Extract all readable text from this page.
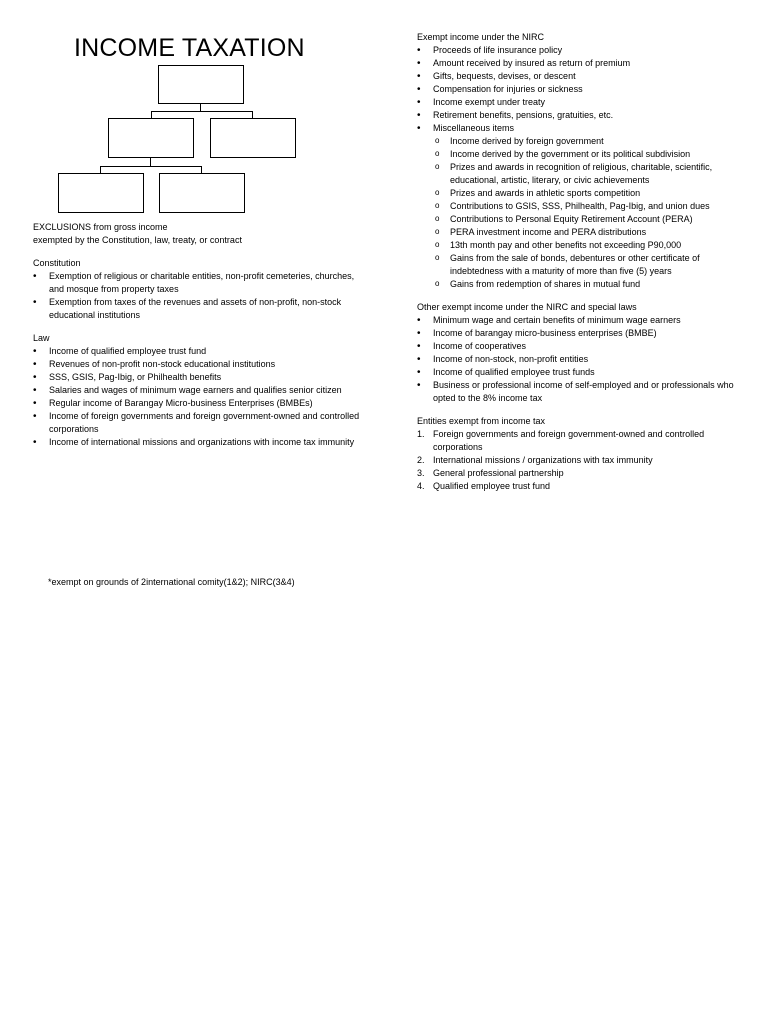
INCOME TAXATION

EXCLUSIONS from gross income

exempted by the Constitution, law, treaty, or contract

Constitution

• Exemption of religious or charitable entities, non-profit cemeteries, churches, and mosque from property taxes
• Exemption from taxes of the revenues and assets of non-profit, non-stock educational institutions

Law

• Income of qualified employee trust fund
• Revenues of non-profit non-stock educational institutions
• SSS, GSIS, Pag-Ibig, or Philhealth benefits
• Salaries and wages of minimum wage earners and qualifies senior citizen
• Regular income of Barangay Micro-business Enterprises (BMBEs)
• Income of foreign governments and foreign government-owned and controlled corporations
• Income of international missions and organizations with income tax immunity
*exempt on grounds of 2international comity(1&2); NIRC(3&4)

Exempt income under the NIRC

• Proceeds of life insurance policy
• Amount received by insured as return of premium
• Gifts, bequests, devises, or descent
• Compensation for injuries or sickness
• Income exempt under treaty
• Retirement benefits, pensions, gratuities, etc.
• Miscellaneous items
o Income derived by foreign government
o Income derived by the government or its political subdivision
o Prizes and awards in recognition of religious, charitable, scientific, educational, artistic, literary, or civic achievements
o Prizes and awards in athletic sports competition
o Contributions to GSIS, SSS, Philhealth, Pag-Ibig, and union dues
o Contributions to Personal Equity Retirement Account (PERA)
o PERA investment income and PERA distributions
o 13th month pay and other benefits not exceeding P90,000
o Gains from the sale of bonds, debentures or other certificate of indebtedness with a maturity of more than five (5) years
o Gains from redemption of shares in mutual fund

Other exempt income under the NIRC and special laws

• Minimum wage and certain benefits of minimum wage earners
• Income of barangay micro-business enterprises (BMBE)
• Income of cooperatives
• Income of non-stock, non-profit entities
• Income of qualified employee trust funds
• Business or professional income of self-employed and or professionals who opted to the 8% income tax

Entities exempt from income tax

1. Foreign governments and foreign government-owned and controlled corporations
2. International missions / organizations with tax immunity
3. General professional partnership
4. Qualified employee trust fund
